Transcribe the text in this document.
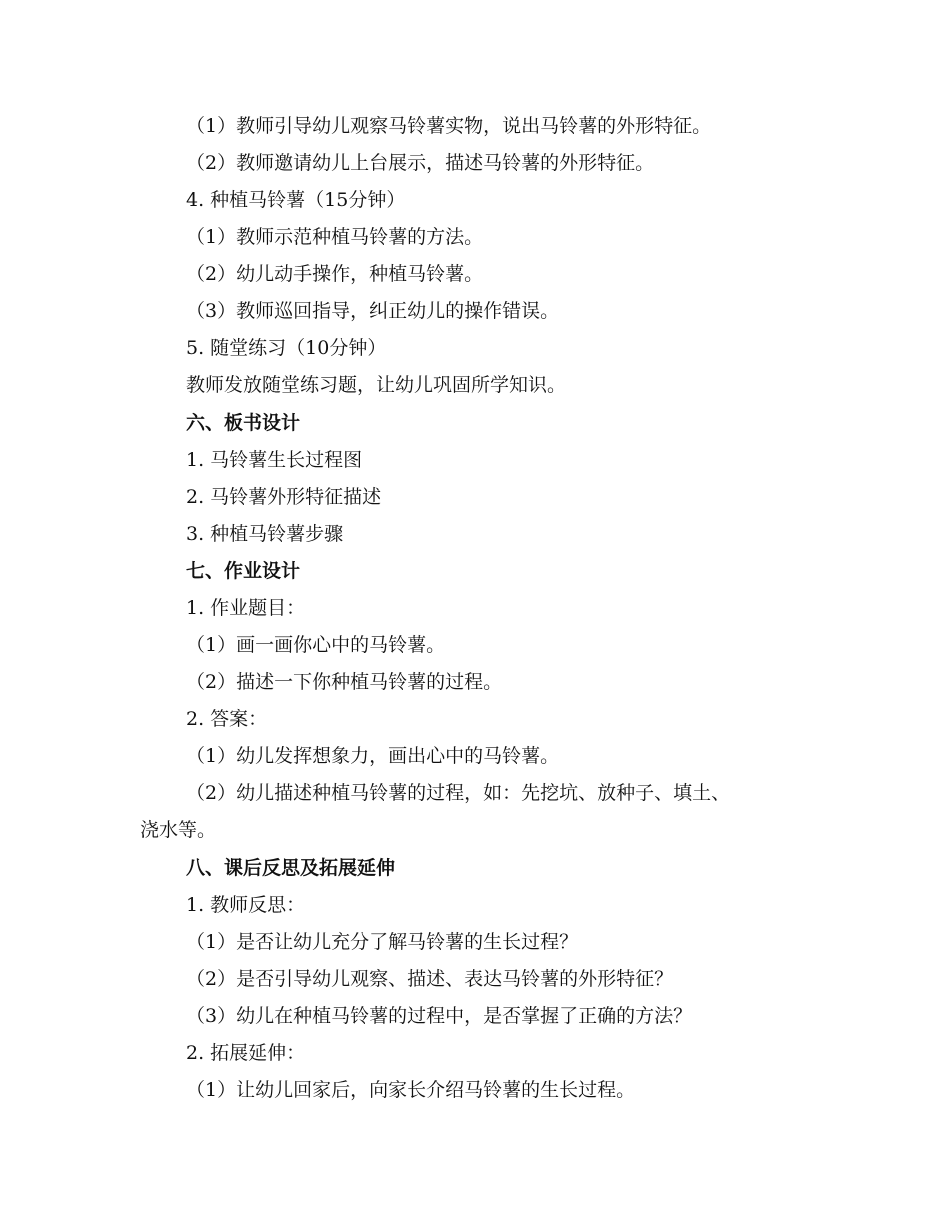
（1）教师引导幼儿观察马铃薯实物，说出马铃薯的外形特征。
（2）教师邀请幼儿上台展示，描述马铃薯的外形特征。
4. 种植马铃薯（15分钟）
（1）教师示范种植马铃薯的方法。
（2）幼儿动手操作，种植马铃薯。
（3）教师巡回指导，纠正幼儿的操作错误。
5. 随堂练习（10分钟）
教师发放随堂练习题，让幼儿巩固所学知识。
六、板书设计
1. 马铃薯生长过程图
2. 马铃薯外形特征描述
3. 种植马铃薯步骤
七、作业设计
1. 作业题目：
（1）画一画你心中的马铃薯。
（2）描述一下你种植马铃薯的过程。
2. 答案：
（1）幼儿发挥想象力，画出心中的马铃薯。
（2）幼儿描述种植马铃薯的过程，如：先挖坑、放种子、填土、
浇水等。
八、课后反思及拓展延伸
1. 教师反思：
（1）是否让幼儿充分了解马铃薯的生长过程？
（2）是否引导幼儿观察、描述、表达马铃薯的外形特征？
（3）幼儿在种植马铃薯的过程中，是否掌握了正确的方法？
2. 拓展延伸：
（1）让幼儿回家后，向家长介绍马铃薯的生长过程。
